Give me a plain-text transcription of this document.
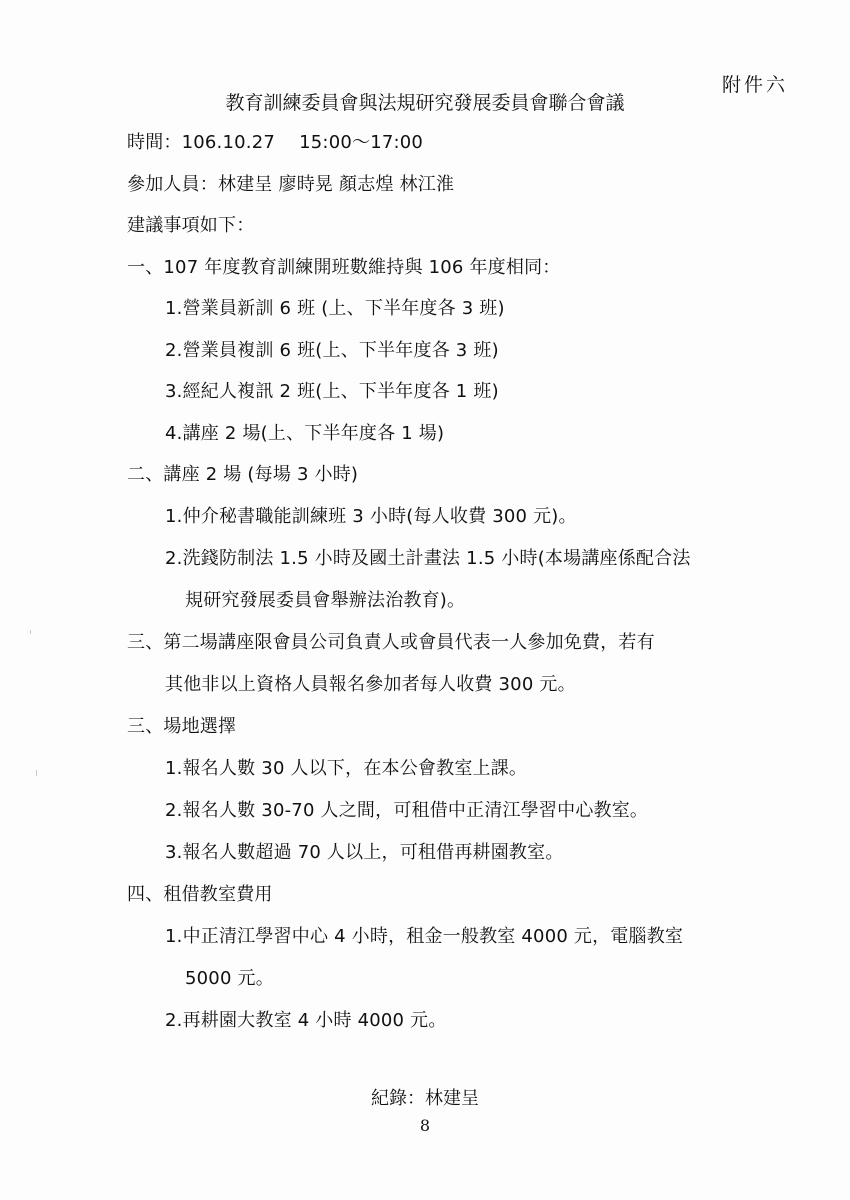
附件六
教育訓練委員會與法規研究發展委員會聯合會議
時間：106.10.27　 15:00～17:00
參加人員：林建呈 廖時晃 顏志煌 林江淮
建議事項如下：
一、107 年度教育訓練開班數維持與 106 年度相同：
1.營業員新訓 6 班 (上、下半年度各 3 班)
2.營業員複訓 6 班(上、下半年度各 3 班)
3.經紀人複訊 2 班(上、下半年度各 1 班)
4.講座 2 場(上、下半年度各 1 場)
二、講座 2 場 (每場 3 小時)
1.仲介秘書職能訓練班 3 小時(每人收費 300 元)。
2.洗錢防制法 1.5 小時及國土計畫法 1.5 小時(本場講座係配合法
規研究發展委員會舉辦法治教育)。
三、第二場講座限會員公司負責人或會員代表一人參加免費，若有
其他非以上資格人員報名參加者每人收費 300 元。
三、場地選擇
1.報名人數 30 人以下，在本公會教室上課。
2.報名人數 30-70 人之間，可租借中正清江學習中心教室。
3.報名人數超過 70 人以上，可租借再耕園教室。
四、租借教室費用
1.中正清江學習中心 4 小時，租金一般教室 4000 元，電腦教室
5000 元。
2.再耕園大教室 4 小時 4000 元。
紀錄：林建呈
8
